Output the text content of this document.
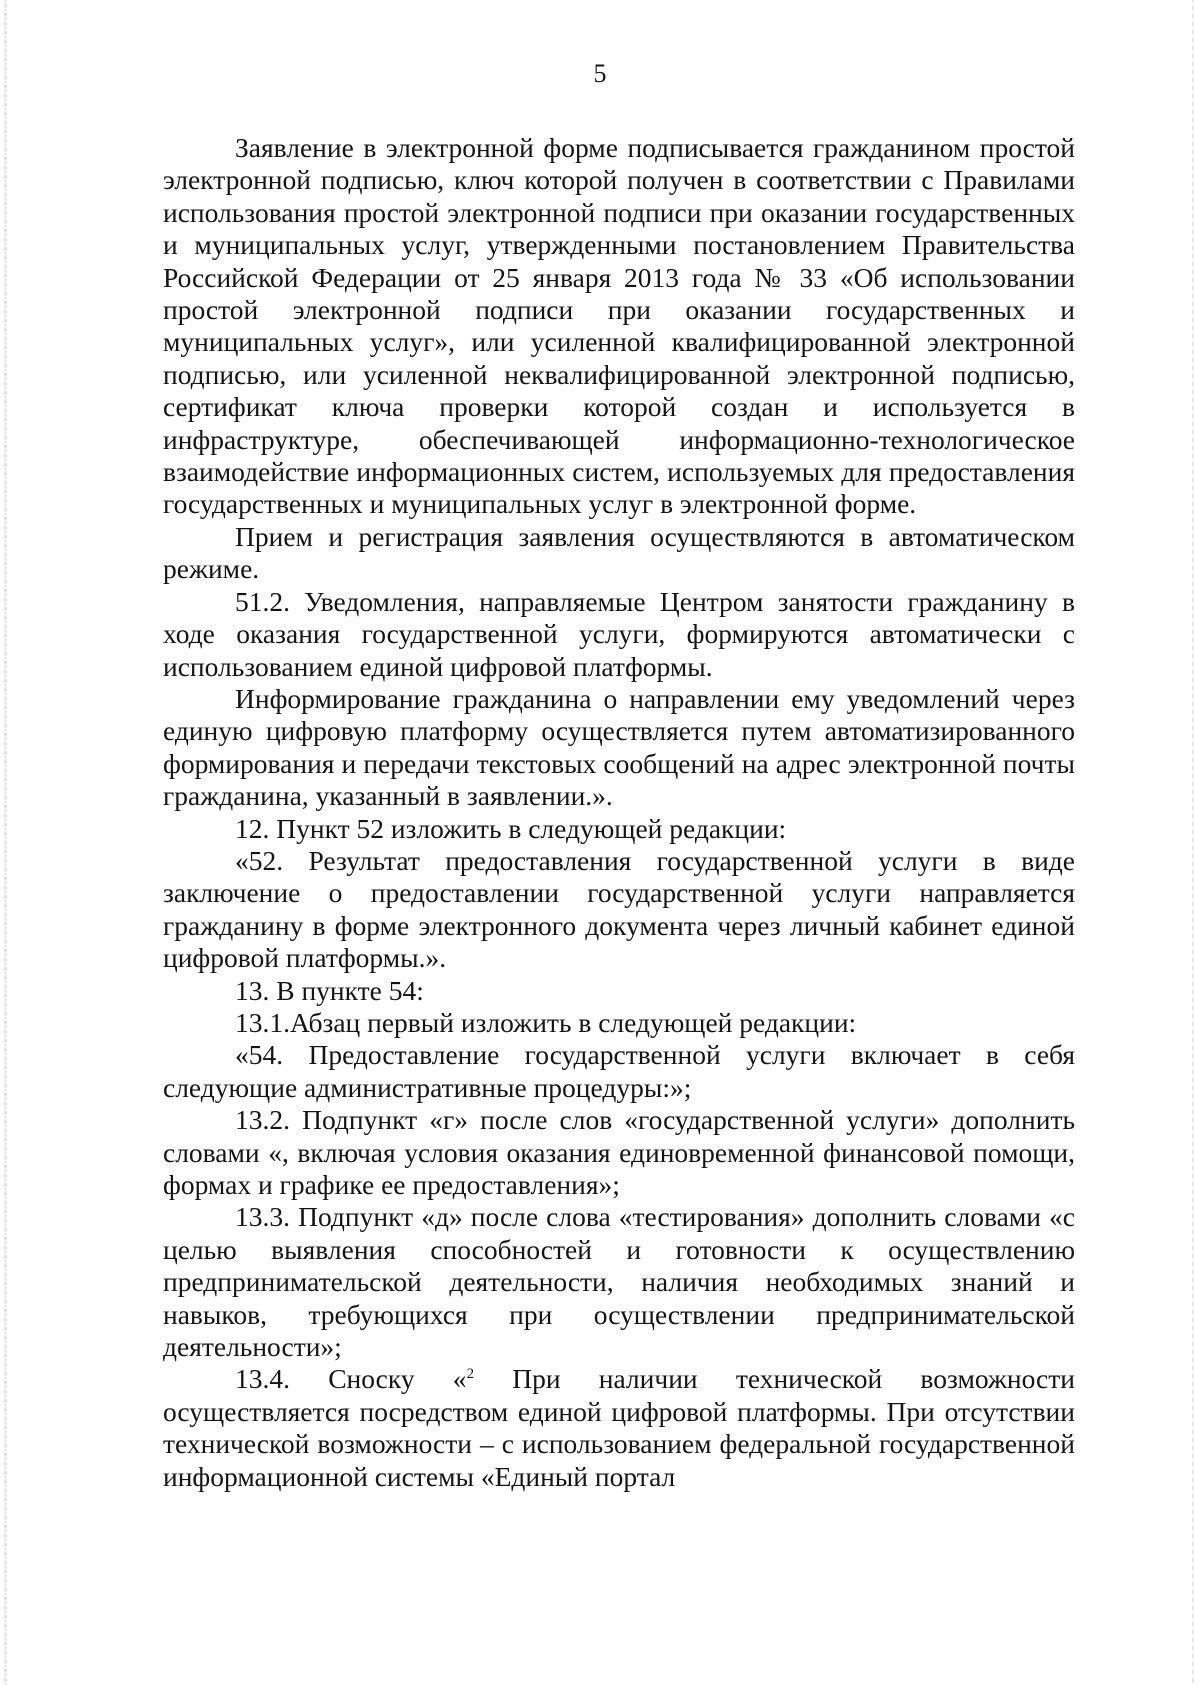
5

Заявление в электронной форме подписывается гражданином простой электронной подписью, ключ которой получен в соответствии с Правилами использования простой электронной подписи при оказании государственных и муниципальных услуг, утвержденными постановлением Правительства Российской Федерации от 25 января 2013 года № 33 «Об использовании простой электронной подписи при оказании государственных и муниципальных услуг», или усиленной квалифицированной электронной подписью, или усиленной неквалифицированной электронной подписью, сертификат ключа проверки которой создан и используется в инфраструктуре, обеспечивающей информационно-технологическое взаимодействие информационных систем, используемых для предоставления государственных и муниципальных услуг в электронной форме.

Прием и регистрация заявления осуществляются в автоматическом режиме.

51.2. Уведомления, направляемые Центром занятости гражданину в ходе оказания государственной услуги, формируются автоматически с использованием единой цифровой платформы.

Информирование гражданина о направлении ему уведомлений через единую цифровую платформу осуществляется путем автоматизированного формирования и передачи текстовых сообщений на адрес электронной почты гражданина, указанный в заявлении.».

12. Пункт 52 изложить в следующей редакции:

«52. Результат предоставления государственной услуги в виде заключение о предоставлении государственной услуги направляется гражданину в форме электронного документа через личный кабинет единой цифровой платформы.».

13. В пункте 54:

13.1.Абзац первый изложить в следующей редакции:

«54. Предоставление государственной услуги включает в себя следующие административные процедуры:»;

13.2. Подпункт «г» после слов «государственной услуги» дополнить словами «, включая условия оказания единовременной финансовой помощи, формах и графике ее предоставления»;

13.3. Подпункт «д» после слова «тестирования» дополнить словами «с целью выявления способностей и готовности к осуществлению предпринимательской деятельности, наличия необходимых знаний и навыков, требующихся при осуществлении предпринимательской деятельности»;

13.4. Сноску «$^2$ При наличии технической возможности осуществляется посредством единой цифровой платформы. При отсутствии технической возможности – с использованием федеральной государственной информационной системы «Единый портал
